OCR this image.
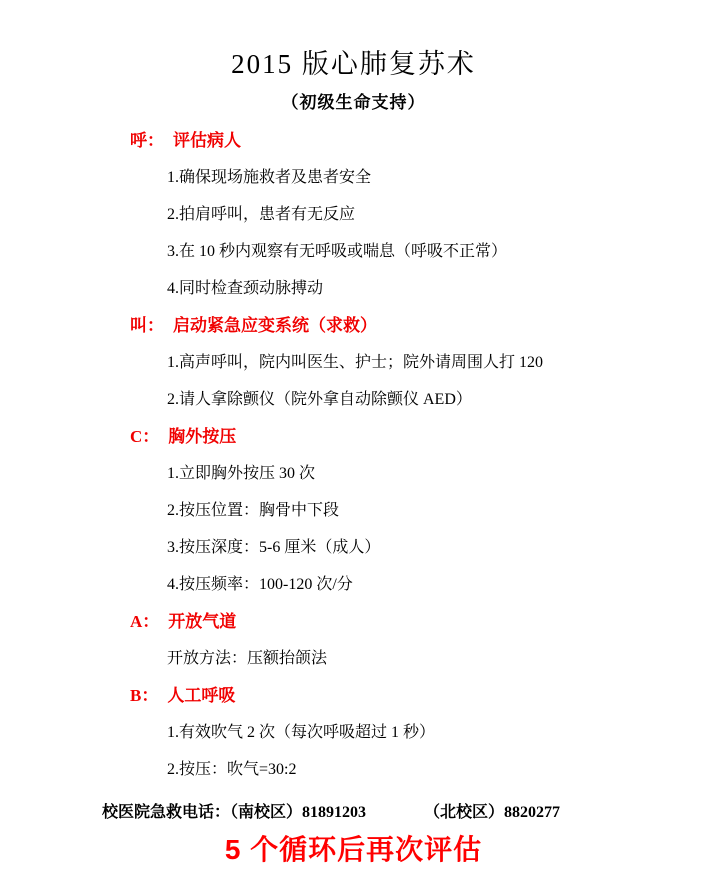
2015 版心肺复苏术
（初级生命支持）
呼： 评估病人
1.确保现场施救者及患者安全
2.拍肩呼叫，患者有无反应
3.在 10 秒内观察有无呼吸或喘息（呼吸不正常）
4.同时检查颈动脉搏动
叫： 启动紧急应变系统（求救）
1.高声呼叫，院内叫医生、护士；院外请周围人打 120
2.请人拿除颤仪（院外拿自动除颤仪 AED）
C： 胸外按压
1.立即胸外按压 30 次
2.按压位置：胸骨中下段
3.按压深度：5-6 厘米（成人）
4.按压频率：100-120 次/分
A： 开放气道
开放方法：压额抬颌法
B： 人工呼吸
1.有效吹气 2 次（每次呼吸超过 1 秒）
2.按压：吹气=30:2
校医院急救电话：（南校区）81891203	（北校区）8820277
5 个循环后再次评估
